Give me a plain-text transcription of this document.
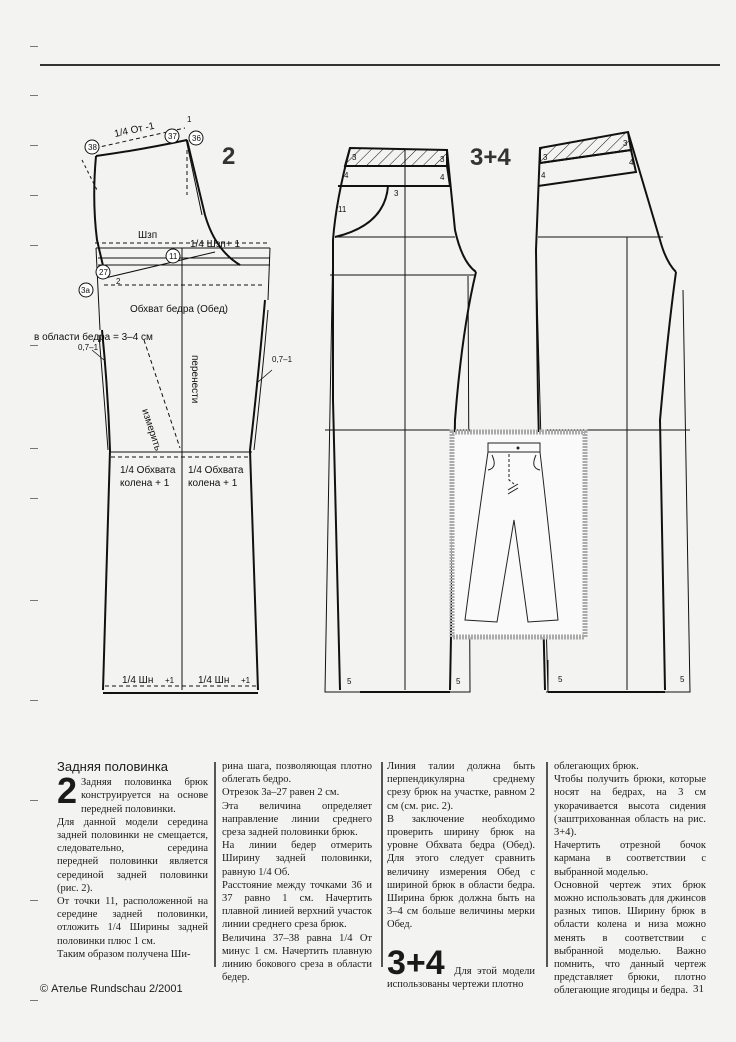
38
37 36
11
27
3а
1
2
1/4 От -1
2
Шзп
1/4 Шзп+ 1
Обхват бедра (Обед)
в области бедра = 3–4 см
0,7–1
0,7–1
измерить
перенести
1/4 Обхвата
колена + 1
1/4 Обхвата
колена + 1
1/4 Шн +1 1/4 Шн +1
3+4
3	3
4	4
3
11
5	5
3
3
4
4
5	5
Задняя половинка
2 Задняя половинка брюк конструируется на основе передней половинки.

Для данной модели середина задней половинки не смещается, следовательно, середина передней половинки является серединой задней половинки (рис. 2).

От точки 11, расположенной на середине задней половинки, отложить 1/4 Ширины задней половинки плюс 1 см.

Таким образом получена Ши-

рина шага, позволяющая плотно облегать бедро.

Отрезок 3а–27 равен 2 см.

Эта величина определяет направление линии среднего среза задней половинки брюк.

На линии бедер отмерить Ширину задней половинки, равную 1/4 Об.

Расстояние между точками 36 и 37 равно 1 см. Начертить плавной линией верхний участок линии среднего среза брюк.

Величина 37–38 равна 1/4 От минус 1 см. Начертить плавную линию бокового среза в области бедер.

Линия талии должна быть перпендикулярна среднему срезу брюк на участке, равном 2 см (см. рис. 2).

В заключение необходимо проверить ширину брюк на уровне Обхвата бедра (Обед). Для этого следует сравнить величину измерения Обед с шириной брюк в области бедра. Ширина брюк должна быть на 3–4 см больше величины мерки Обед.

3+4 Для этой модели использованы чертежи плотно

облегающих брюк.

Чтобы получить брюки, которые носят на бедрах, на 3 см укорачивается высота сидения (заштрихованная область на рис. 3+4).

Начертить отрезной бочок кармана в соответствии с выбранной моделью.

Основной чертеж этих брюк можно использовать для джинсов разных типов. Ширину брюк в области колена и низа можно менять в соответствии с выбранной моделью. Важно помнить, что данный чертеж представляет брюки, плотно облегающие ягодицы и бедра.

© Ателье Rundschau 2/2001	31
